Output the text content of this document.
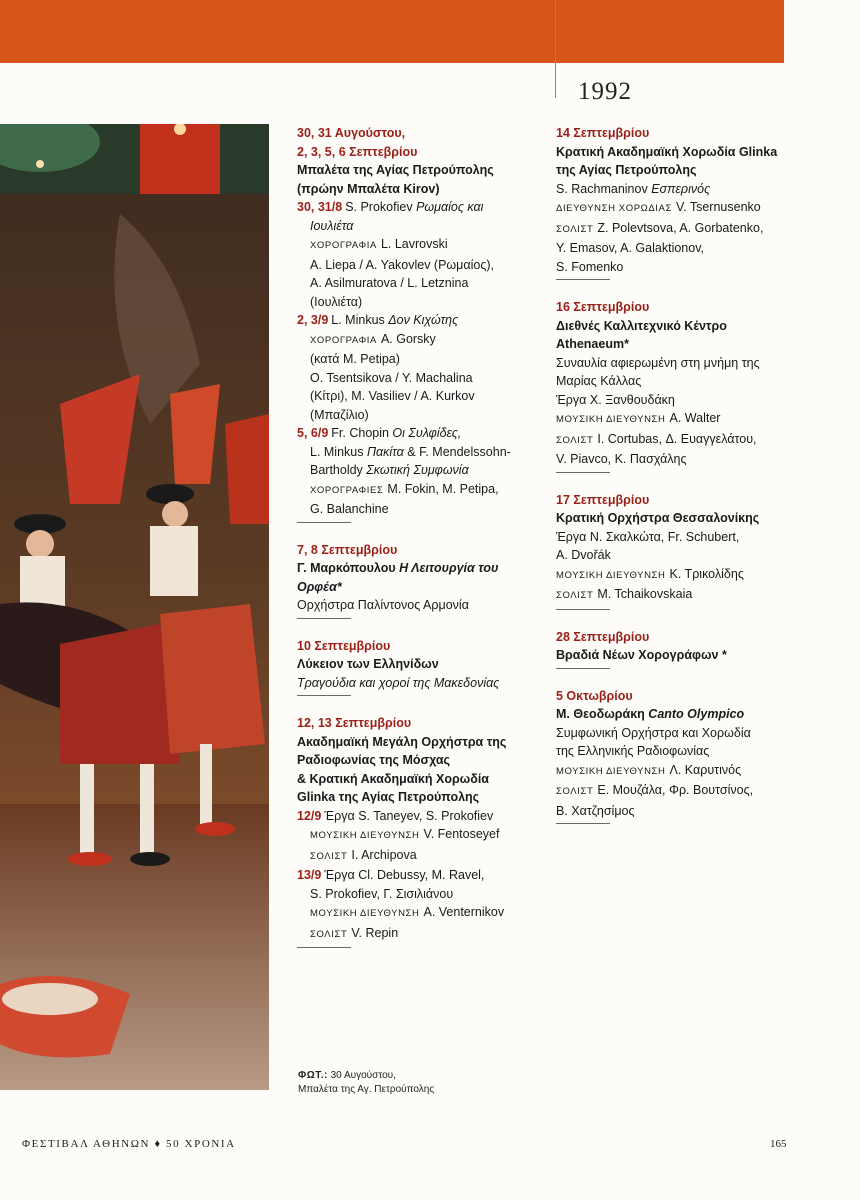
1992
30, 31 Αυγούστου,
2, 3, 5, 6 Σεπτεβρίου
Μπαλέτα της Αγίας Πετρούπολης
(πρώην Μπαλέτα Kirov)
30, 31/8 S. Prokofiev Ρωμαίος και
Ιουλιέτα
ΧΟΡΟΓΡΑΦΙΑ L. Lavrovski
A. Liepa / A. Yakovlev (Ρωμαίος),
A. Asilmuratova / L. Letznina
(Ιουλιέτα)
2, 3/9 L. Minkus Δον Κιχώτης
ΧΟΡΟΓΡΑΦΙΑ A. Gorsky
(κατά M. Petipa)
O. Tsentsikova / Y. Machalina
(Κίτρι), M. Vasiliev / A. Kurkov
(Μπαζίλιο)
5, 6/9 Fr. Chopin Οι Συλφίδες,
L. Minkus Πακίτα & F. Mendelssohn-
Bartholdy Σκωτική Συμφωνία
ΧΟΡΟΓΡΑΦΙΕΣ M. Fokin, M. Petipa,
G. Balanchine
7, 8 Σεπτεμβρίου
Γ. Μαρκόπουλου Η Λειτουργία του
Ορφέα*
Ορχήστρα Παλίντονος Αρμονία
10 Σεπτεμβρίου
Λύκειον των Ελληνίδων
Τραγούδια και χοροί της Μακεδονίας
12, 13 Σεπτεμβρίου
Ακαδημαϊκή Μεγάλη Ορχήστρα της
Ραδιοφωνίας της Μόσχας
& Κρατική Ακαδημαϊκή Χορωδία
Glinka της Αγίας Πετρούπολης
12/9 Έργα S. Taneyev, S. Prokofiev
ΜΟΥΣΙΚΗ ΔΙΕΥΘΥΝΣΗ V. Fentoseyef
ΣΟΛΙΣΤ I. Archipova
13/9 Έργα Cl. Debussy, M. Ravel,
S. Prokofiev, Γ. Σισιλιάνου
ΜΟΥΣΙΚΗ ΔΙΕΥΘΥΝΣΗ A. Venternikov
ΣΟΛΙΣΤ V. Repin
14 Σεπτεμβρίου
Κρατική Ακαδημαϊκή Χορωδία Glinka
της Αγίας Πετρούπολης
S. Rachmaninov Εσπερινός
ΔΙΕΥΘΥΝΣΗ ΧΟΡΩΔΙΑΣ V. Tsernusenko
ΣΟΛΙΣΤ Z. Polevtsova, A. Gorbatenko,
Y. Emasov, A. Galaktionov,
S. Fomenko
16 Σεπτεμβρίου
Διεθνές Καλλιτεχνικό Κέντρο
Athenaeum*
Συναυλία αφιερωμένη στη μνήμη της
Μαρίας Κάλλας
Έργα Χ. Ξανθουδάκη
ΜΟΥΣΙΚΗ ΔΙΕΥΘΥΝΣΗ A. Walter
ΣΟΛΙΣΤ I. Cortubas, Δ. Ευαγγελάτου,
V. Piavco, Κ. Πασχάλης
17 Σεπτεμβρίου
Κρατική Ορχήστρα Θεσσαλονίκης
Έργα Ν. Σκαλκώτα, Fr. Schubert,
A. Dvořák
ΜΟΥΣΙΚΗ ΔΙΕΥΘΥΝΣΗ Κ. Τρικολίδης
ΣΟΛΙΣΤ M. Tchaikovskaia
28 Σεπτεμβρίου
Βραδιά Νέων Χορογράφων *
5 Οκτωβρίου
Μ. Θεοδωράκη Canto Olympico
Συμφωνική Ορχήστρα και Χορωδία
της Ελληνικής Ραδιοφωνίας
ΜΟΥΣΙΚΗ ΔΙΕΥΘΥΝΣΗ Λ. Καρυτινός
ΣΟΛΙΣΤ Ε. Μουζάλα, Φρ. Βουτσίνος,
Β. Χατζησίμος
ΦΩΤ.: 30 Αυγούστου,
Μπαλέτα της Αγ. Πετρούπολης
ΦΕΣΤΙΒΑΛ ΑΘΗΝΩΝ ♦ 50 ΧΡΟΝΙΑ	165
